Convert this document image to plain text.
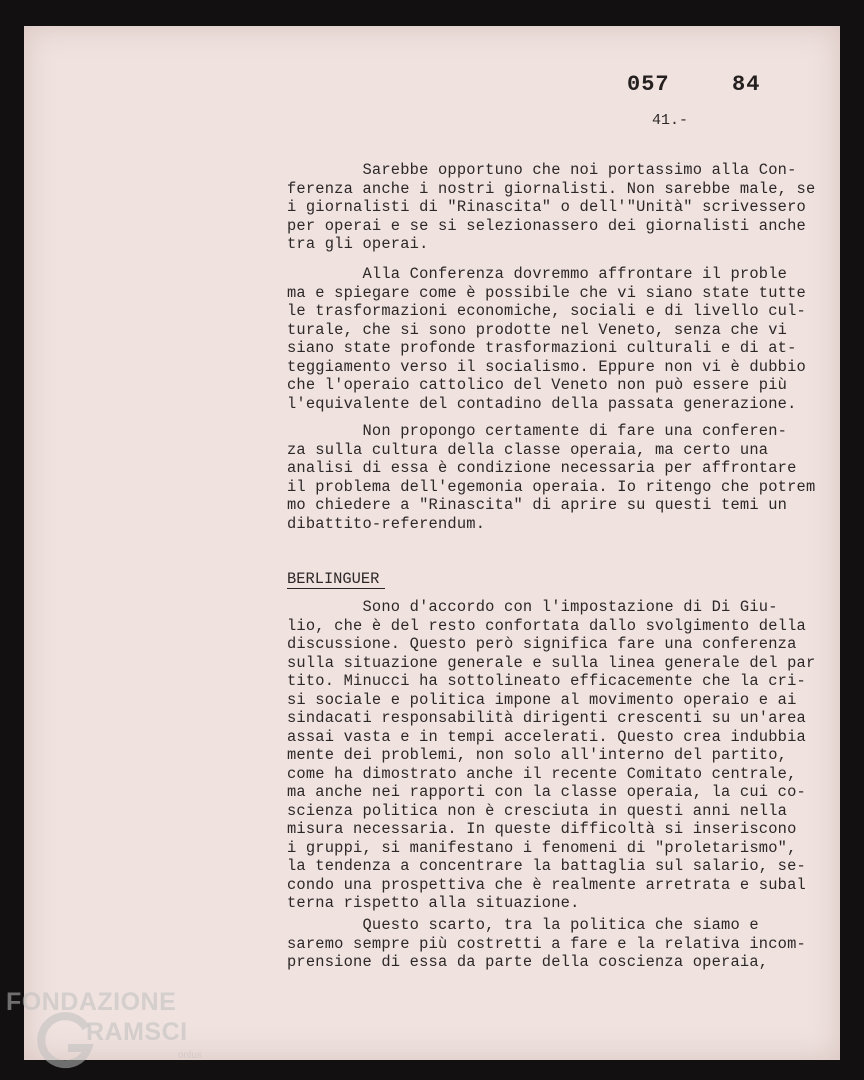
057	84
41.-
Sarebbe opportuno che noi portassimo alla Con-
ferenza anche i nostri giornalisti. Non sarebbe male, se
i giornalisti di "Rinascita" o dell'"Unità" scrivessero
per operai e se si selezionassero dei giornalisti anche
tra gli operai.
Alla Conferenza dovremmo affrontare il proble
ma e spiegare come è possibile che vi siano state tutte
le trasformazioni economiche, sociali e di livello cul-
turale, che si sono prodotte nel Veneto, senza che vi
siano state profonde trasformazioni culturali e di at-
teggiamento verso il socialismo. Eppure non vi è dubbio
che l'operaio cattolico del Veneto non può essere più
l'equivalente del contadino della passata generazione.
Non propongo certamente di fare una conferen-
za sulla cultura della classe operaia, ma certo una
analisi di essa è condizione necessaria per affrontare
il problema dell'egemonia operaia. Io ritengo che potrem
mo chiedere a "Rinascita" di aprire su questi temi un
dibattito-referendum.
BERLINGUER
Sono d'accordo con l'impostazione di Di Giu-
lio, che è del resto confortata dallo svolgimento della
discussione. Questo però significa fare una conferenza
sulla situazione generale e sulla linea generale del par
tito. Minucci ha sottolineato efficacemente che la cri-
si sociale e politica impone al movimento operaio e ai
sindacati responsabilità dirigenti crescenti su un'area
assai vasta e in tempi accelerati. Questo crea indubbia
mente dei problemi, non solo all'interno del partito,
come ha dimostrato anche il recente Comitato centrale,
ma anche nei rapporti con la classe operaia, la cui co-
scienza politica non è cresciuta in questi anni nella
misura necessaria. In queste difficoltà si inseriscono
i gruppi, si manifestano i fenomeni di "proletarismo",
la tendenza a concentrare la battaglia sul salario, se-
condo una prospettiva che è realmente arretrata e subal
terna rispetto alla situazione.
Questo scarto, tra la politica che siamo e
saremo sempre più costretti a fare e la relativa incom-
prensione di essa da parte della coscienza operaia,
FONDAZIONE
RAMSCI
onlus
